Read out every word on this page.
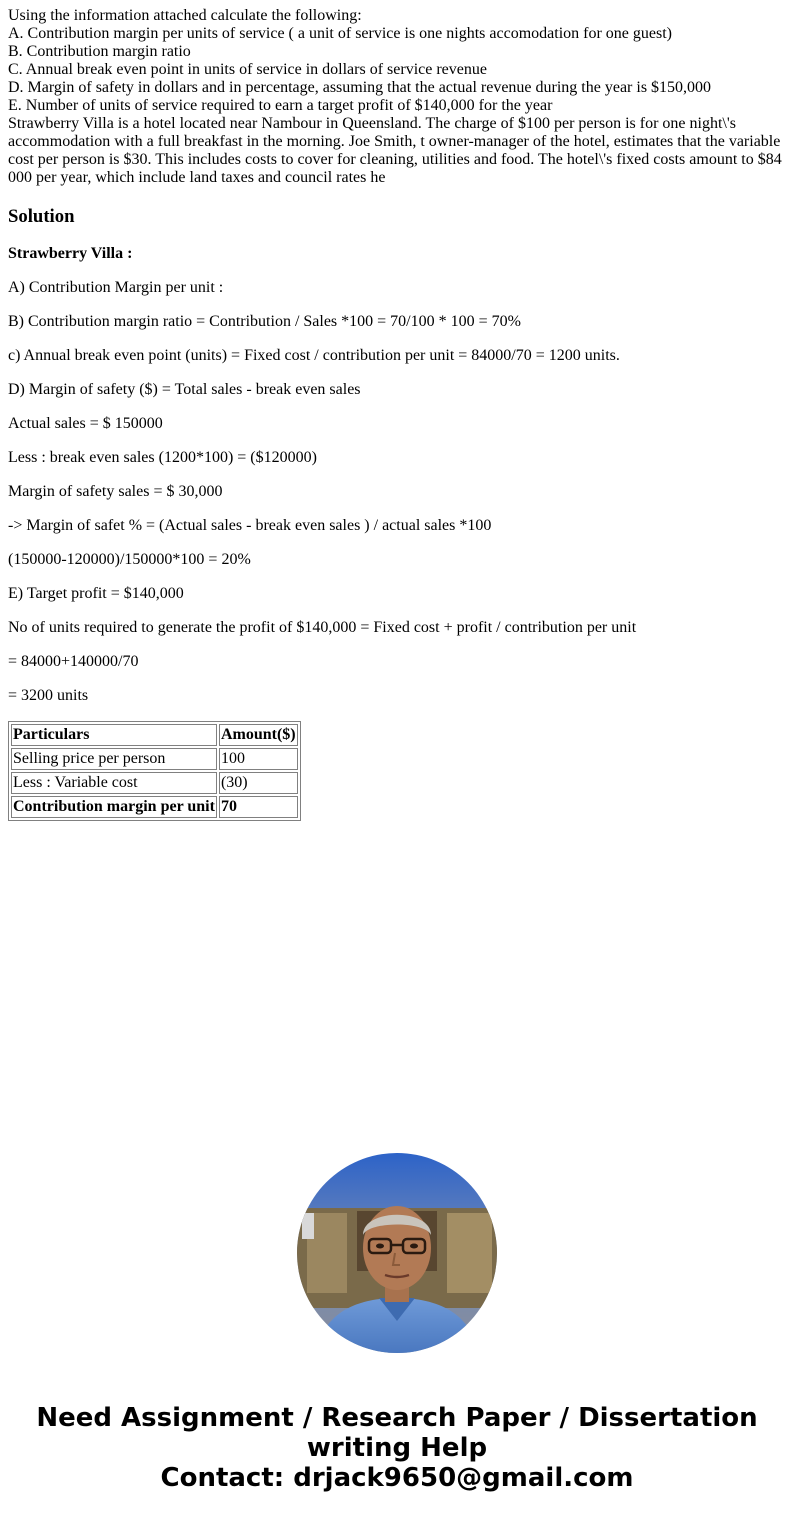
Using the information attached calculate the following:

A. Contribution margin per units of service ( a unit of service is one nights accomodation for one guest)

B. Contribution margin ratio

C. Annual break even point in units of service in dollars of service revenue

D. Margin of safety in dollars and in percentage, assuming that the actual revenue during the year is $150,000

E. Number of units of service required to earn a target profit of $140,000 for the year

Strawberry Villa is a hotel located near Nambour in Queensland. The charge of $100 per person is for one night\'s accommodation with a full breakfast in the morning. Joe Smith, t owner-manager of the hotel, estimates that the variable cost per person is $30. This includes costs to cover for cleaning, utilities and food. The hotel\'s fixed costs amount to $84 000 per year, which include land taxes and council rates he

Solution

Strawberry Villa :

A) Contribution Margin per unit :

B) Contribution margin ratio = Contribution / Sales *100 = 70/100 * 100 = 70%

c) Annual break even point (units) = Fixed cost / contribution per unit = 84000/70 = 1200 units.

D) Margin of safety ($) = Total sales - break even sales

Actual sales = $ 150000

Less : break even sales (1200*100) = ($120000)

Margin of safety sales = $ 30,000

-> Margin of safet % = (Actual sales - break even sales ) / actual sales *100

(150000-120000)/150000*100 = 20%

E) Target profit = $140,000

No of units required to generate the profit of $140,000 = Fixed cost + profit / contribution per unit

= 84000+140000/70

= 3200 units

Particulars	Amount($)
Selling price per person	100
Less : Variable cost	(30)
Contribution margin per unit	70
Need Assignment / Research Paper / Dissertation
writing Help
Contact: drjack9650@gmail.com
